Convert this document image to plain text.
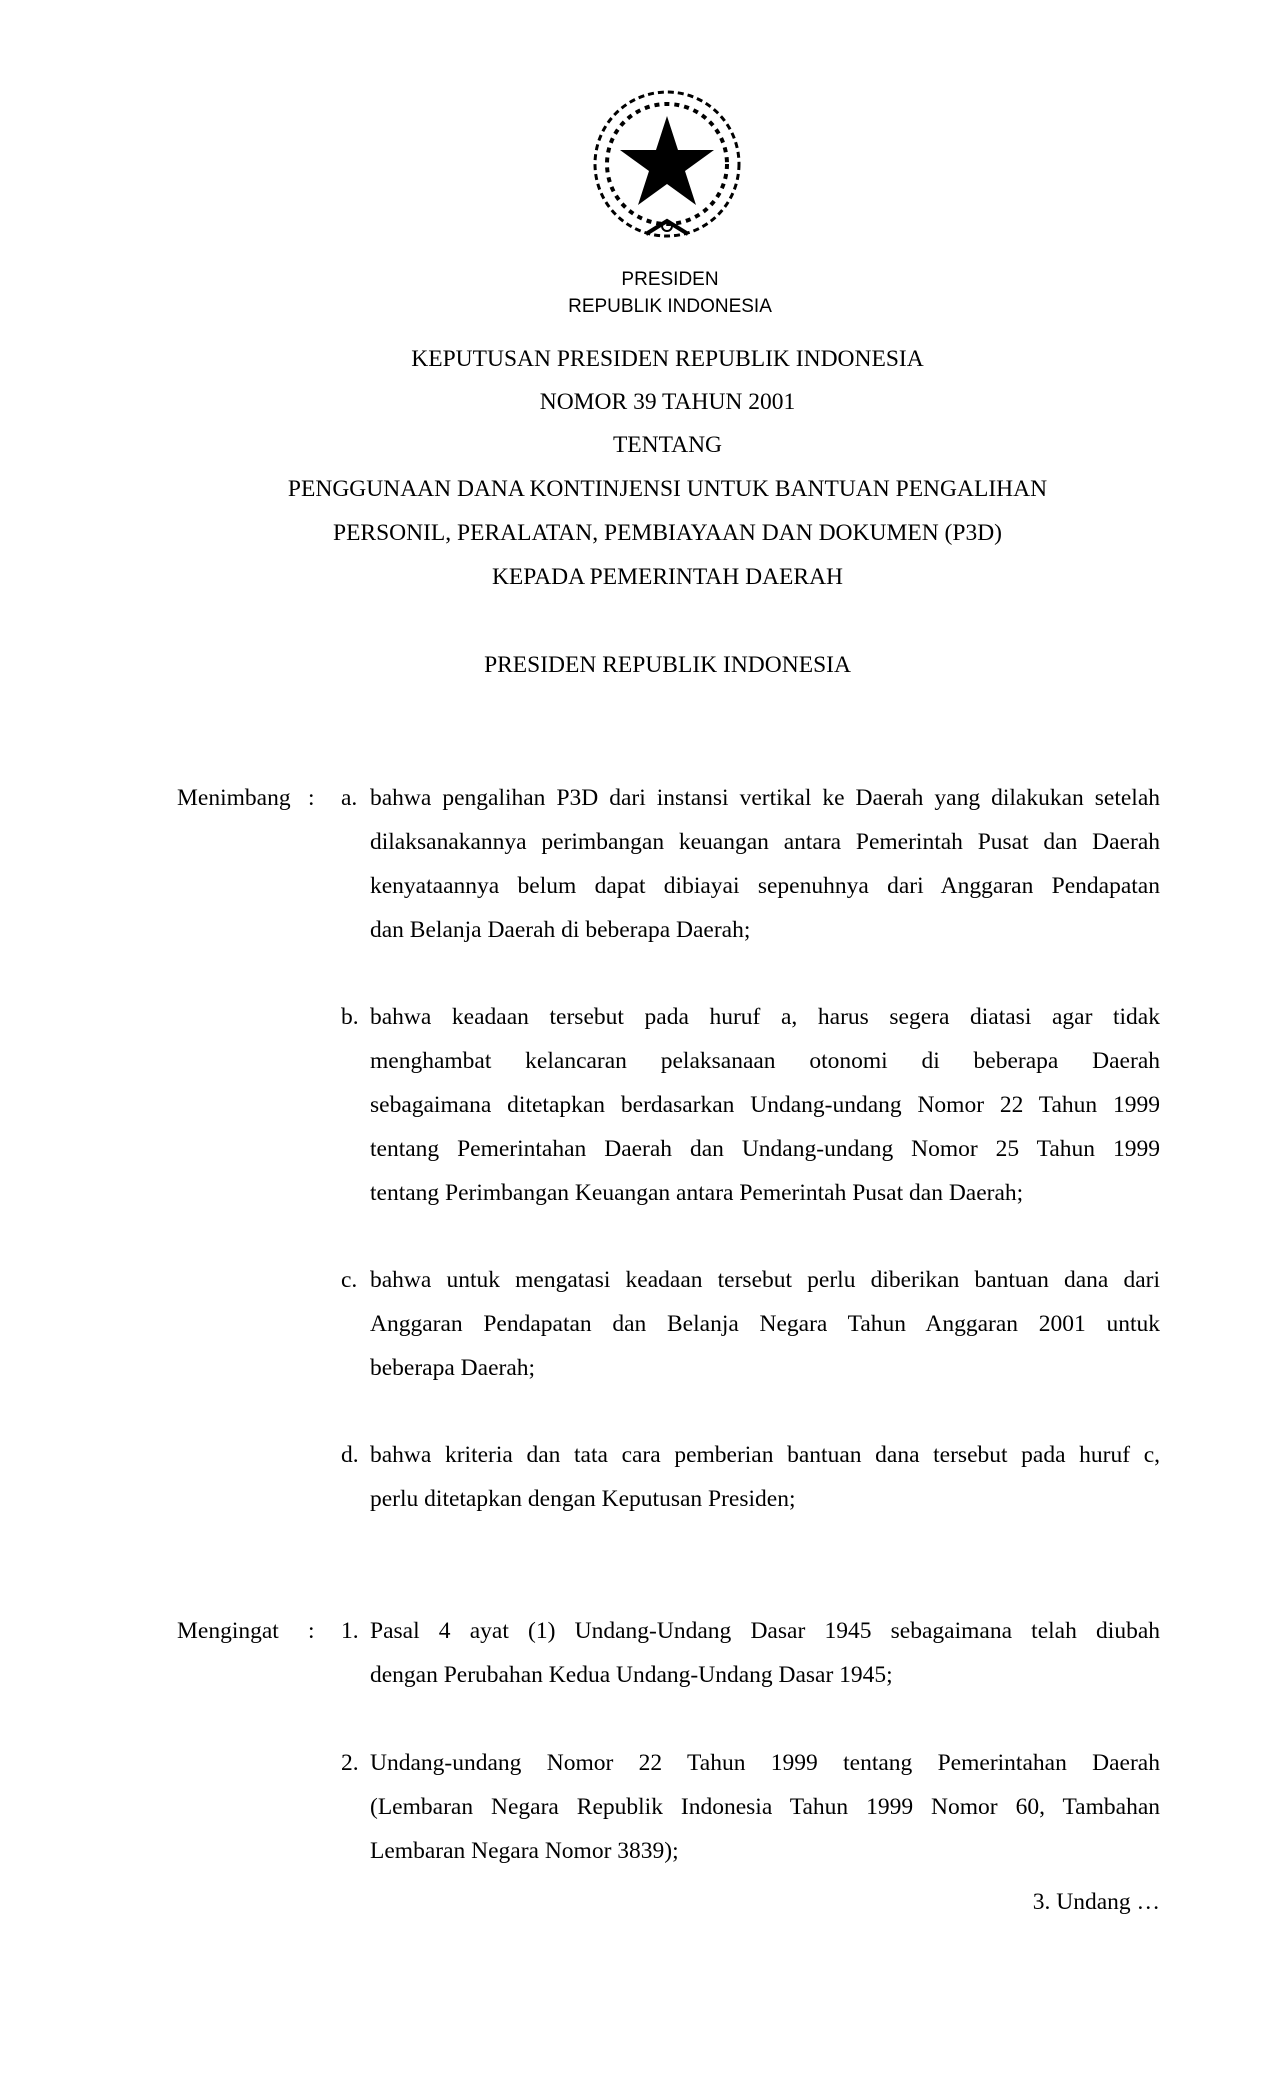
PRESIDEN
REPUBLIK INDONESIA
KEPUTUSAN PRESIDEN REPUBLIK INDONESIA
NOMOR 39 TAHUN 2001
TENTANG
PENGGUNAAN DANA KONTINJENSI UNTUK BANTUAN PENGALIHAN
PERSONIL, PERALATAN, PEMBIAYAAN DAN DOKUMEN (P3D)
KEPADA PEMERINTAH DAERAH
PRESIDEN REPUBLIK INDONESIA
Menimbang : a. bahwa pengalihan P3D dari instansi vertikal ke Daerah yang dilakukan setelah
dilaksanakannya perimbangan keuangan antara Pemerintah Pusat dan Daerah
kenyataannya belum dapat dibiayai sepenuhnya dari Anggaran Pendapatan
dan Belanja Daerah di beberapa Daerah;
b. bahwa keadaan tersebut pada huruf a, harus segera diatasi agar tidak
menghambat kelancaran pelaksanaan otonomi di beberapa Daerah
sebagaimana ditetapkan berdasarkan Undang-undang Nomor 22 Tahun 1999
tentang Pemerintahan Daerah dan Undang-undang Nomor 25 Tahun 1999
tentang Perimbangan Keuangan antara Pemerintah Pusat dan Daerah;
c. bahwa untuk mengatasi keadaan tersebut perlu diberikan bantuan dana dari
Anggaran Pendapatan dan Belanja Negara Tahun Anggaran 2001 untuk
beberapa Daerah;
d. bahwa kriteria dan tata cara pemberian bantuan dana tersebut pada huruf c,
perlu ditetapkan dengan Keputusan Presiden;
Mengingat : 1. Pasal 4 ayat (1) Undang-Undang Dasar 1945 sebagaimana telah diubah
dengan Perubahan Kedua Undang-Undang Dasar 1945;
2. Undang-undang Nomor 22 Tahun 1999 tentang Pemerintahan Daerah
(Lembaran Negara Republik Indonesia Tahun 1999 Nomor 60, Tambahan
Lembaran Negara Nomor 3839);
3. Undang …
